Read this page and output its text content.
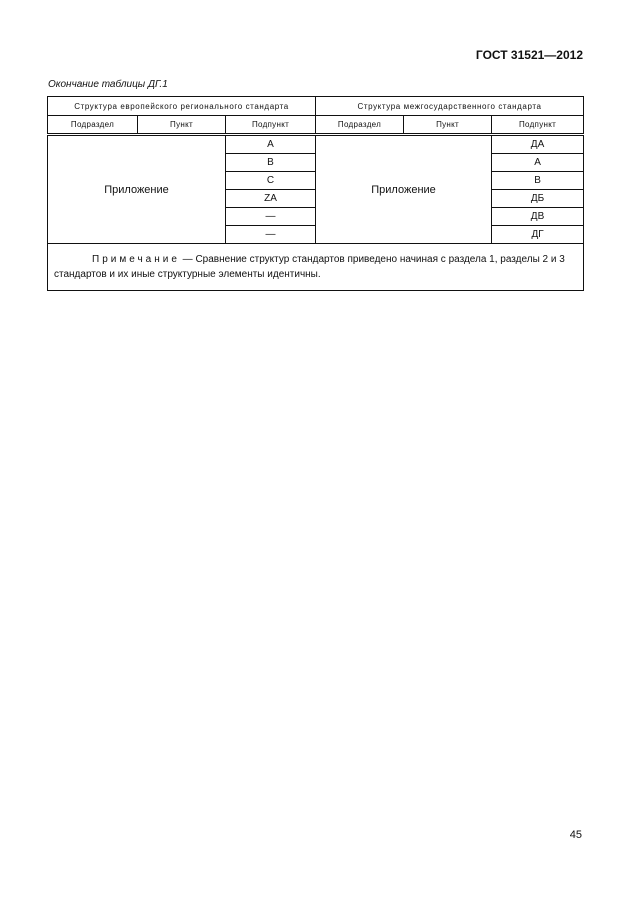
ГОСТ 31521—2012
Окончание таблицы ДГ.1
Структура европейского регионального стандарта			Структура межгосударственного стандарта		
Подраздел	Пункт	Подпункт	Подраздел	Пункт	Подпункт
Приложение		A	Приложение		ДА
		B			А
		C			В
		ZA			ДБ
		—			ДВ
		—			ДГ
Примечание — Сравнение структур стандартов приведено начиная с раздела 1, разделы 2 и 3 стандартов и их иные структурные элементы идентичны.					
45
